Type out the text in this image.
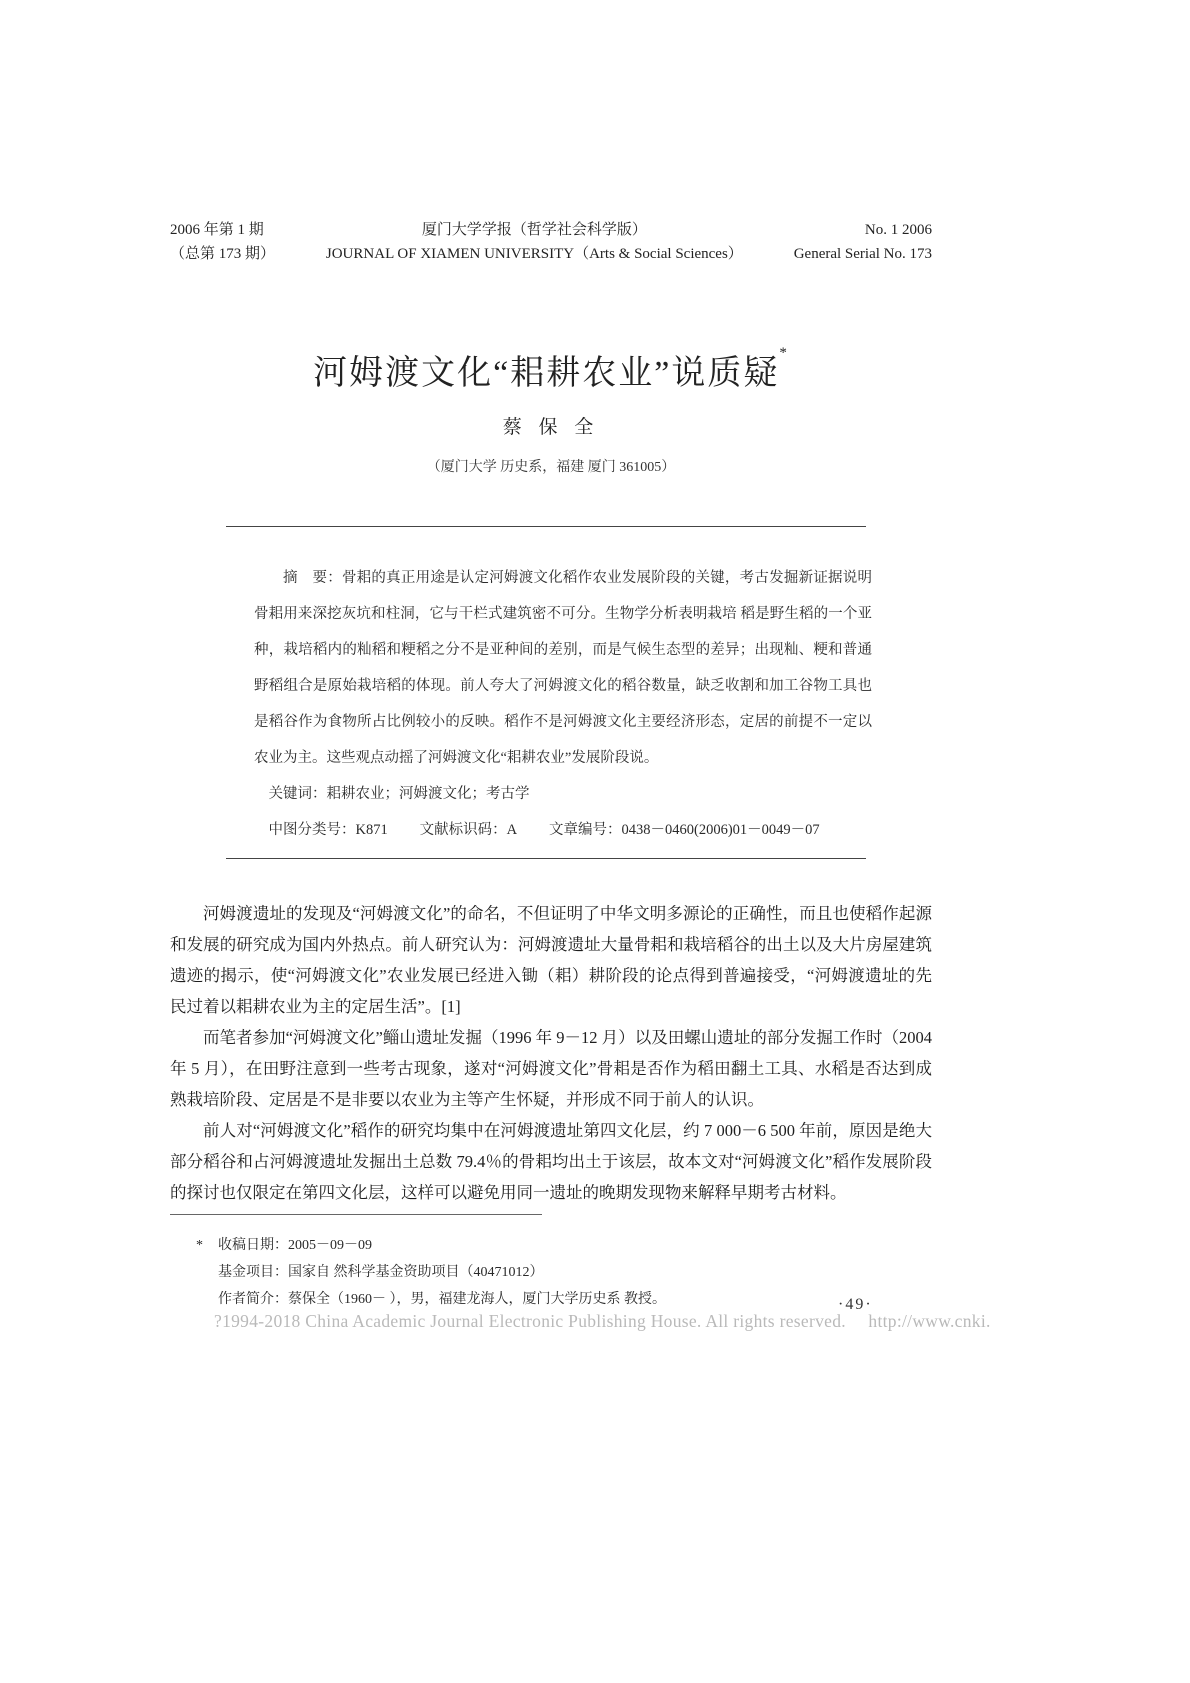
2006 年第 1 期
（总第 173 期）
厦门大学学报（哲学社会科学版）
JOURNAL OF XIAMEN UNIVERSITY（Arts & Social Sciences）
No. 1 2006
General Serial No. 173
河姆渡文化“耜耕农业”说质疑*
蔡 保 全
（厦门大学 历史系，福建 厦门 361005）
摘　要：骨耜的真正用途是认定河姆渡文化稻作农业发展阶段的关键，考古发掘新证据说明骨耜用来深挖灰坑和柱洞，它与干栏式建筑密不可分。生物学分析表明栽培 稻是野生稻的一个亚种，栽培稻内的籼稻和粳稻之分不是亚种间的差别，而是气候生态型的差异；出现籼、粳和普通野稻组合是原始栽培稻的体现。前人夸大了河姆渡文化的稻谷数量，缺乏收割和加工谷物工具也是稻谷作为食物所占比例较小的反映。稻作不是河姆渡文化主要经济形态，定居的前提不一定以农业为主。这些观点动摇了河姆渡文化“耜耕农业”发展阶段说。
关键词：耜耕农业；河姆渡文化；考古学
中图分类号：K871 文献标识码：A 文章编号：0438－0460(2006)01－0049－07

河姆渡遗址的发现及“河姆渡文化”的命名，不但证明了中华文明多源论的正确性，而且也使稻作起源和发展的研究成为国内外热点。前人研究认为：河姆渡遗址大量骨耜和栽培稻谷的出土以及大片房屋建筑遗迹的揭示，使“河姆渡文化”农业发展已经进入锄（耜）耕阶段的论点得到普遍接受，“河姆渡遗址的先民过着以耜耕农业为主的定居生活”。[1]

而笔者参加“河姆渡文化”鲻山遗址发掘（1996 年 9－12 月）以及田螺山遗址的部分发掘工作时（2004 年 5 月），在田野注意到一些考古现象，遂对“河姆渡文化”骨耜是否作为稻田翻土工具、水稻是否达到成熟栽培阶段、定居是不是非要以农业为主等产生怀疑，并形成不同于前人的认识。

前人对“河姆渡文化”稻作的研究均集中在河姆渡遗址第四文化层，约 7 000－6 500 年前，原因是绝大部分稻谷和占河姆渡遗址发掘出土总数 79.4％的骨耜均出土于该层，故本文对“河姆渡文化”稻作发展阶段的探讨也仅限定在第四文化层，这样可以避免用同一遗址的晚期发现物来解释早期考古材料。

* 收稿日期：2005－09－09
基金项目：国家自 然科学基金资助项目（40471012）
作者简介：蔡保全（1960－ ），男，福建龙海人，厦门大学历史系 教授。	·49·
?1994-2018 China Academic Journal Electronic Publishing House. All rights reserved.　 http://www.cnki.
